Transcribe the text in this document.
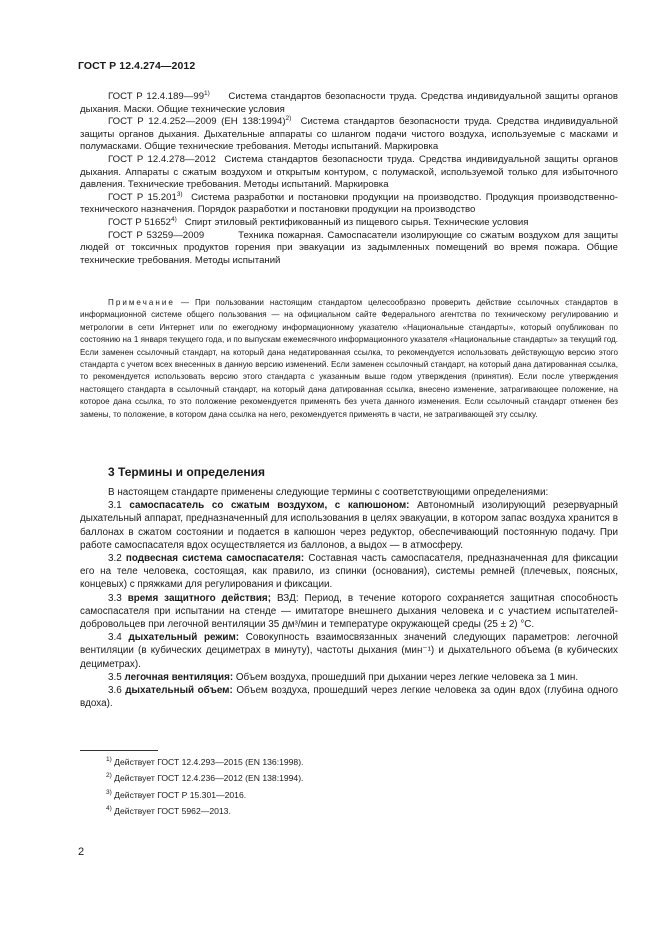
ГОСТ Р 12.4.274—2012

ГОСТ Р 12.4.189—99$^{1)}$ Система стандартов безопасности труда. Средства индивидуальной защиты органов дыхания. Маски. Общие технические условия

ГОСТ Р 12.4.252—2009 (ЕН 138:1994)$^{2)}$ Система стандартов безопасности труда. Средства индивидуальной защиты органов дыхания. Дыхательные аппараты со шлангом подачи чистого воздуха, используемые с масками и полумасками. Общие технические требования. Методы испытаний. Маркировка

ГОСТ Р 12.4.278—2012 Система стандартов безопасности труда. Средства индивидуальной защиты органов дыхания. Аппараты с сжатым воздухом и открытым контуром, с полумаской, используемой только для избыточного давления. Технические требования. Методы испытаний. Маркировка

ГОСТ Р 15.201$^{3)}$ Система разработки и постановки продукции на производство. Продукция производственно-технического назначения. Порядок разработки и постановки продукции на производство

ГОСТ Р 51652$^{4)}$ Спирт этиловый ректификованный из пищевого сырья. Технические условия

ГОСТ Р 53259—2009	Техника пожарная. Самоспасатели изолирующие со сжатым воздухом для защиты людей от токсичных продуктов горения при эвакуации из задымленных помещений во время пожара. Общие технические требования. Методы испытаний

Примечание — При пользовании настоящим стандартом целесообразно проверить действие ссылочных стандартов в информационной системе общего пользования — на официальном сайте Федерального агентства по техническому регулированию и метрологии в сети Интернет или по ежегодному информационному указателю «Национальные стандарты», который опубликован по состоянию на 1 января текущего года, и по выпускам ежемесячного информационного указателя «Национальные стандарты» за текущий год. Если заменен ссылочный стандарт, на который дана недатированная ссылка, то рекомендуется использовать действующую версию этого стандарта с учетом всех внесенных в данную версию изменений. Если заменен ссылочный стандарт, на который дана датированная ссылка, то рекомендуется использовать версию этого стандарта с указанным выше годом утверждения (принятия). Если после утверждения настоящего стандарта в ссылочный стандарт, на который дана датированная ссылка, внесено изменение, затрагивающее положение, на которое дана ссылка, то это положение рекомендуется применять без учета данного изменения. Если ссылочный стандарт отменен без замены, то положение, в котором дана ссылка на него, рекомендуется применять в части, не затрагивающей эту ссылку.

3 Термины и определения

В настоящем стандарте применены следующие термины с соответствующими определениями:

3.1 самоспасатель со сжатым воздухом, с капюшоном: Автономный изолирующий резервуарный дыхательный аппарат, предназначенный для использования в целях эвакуации, в котором запас воздуха хранится в баллонах в сжатом состоянии и подается в капюшон через редуктор, обеспечивающий постоянную подачу. При работе самоспасателя вдох осуществляется из баллонов, а выдох — в атмосферу.

3.2 подвесная система самоспасателя: Составная часть самоспасателя, предназначенная для фиксации его на теле человека, состоящая, как правило, из спинки (основания), системы ремней (плечевых, поясных, концевых) с пряжками для регулирования и фиксации.

3.3 время защитного действия; ВЗД: Период, в течение которого сохраняется защитная способность самоспасателя при испытании на стенде — имитаторе внешнего дыхания человека и с участием испытателей-добровольцев при легочной вентиляции 35 дм³/мин и температуре окружающей среды (25 ± 2) °С.

3.4 дыхательный режим: Совокупность взаимосвязанных значений следующих параметров: легочной вентиляции (в кубических дециметрах в минуту), частоты дыхания (мин⁻¹) и дыхательного объема (в кубических дециметрах).

3.5 легочная вентиляция: Объем воздуха, прошедший при дыхании через легкие человека за 1 мин.

3.6 дыхательный объем: Объем воздуха, прошедший через легкие человека за один вдох (глубина одного вдоха).

$^{1)}$ Действует ГОСТ 12.4.293—2015 (EN 136:1998).

$^{2)}$ Действует ГОСТ 12.4.236—2012 (EN 138:1994).

$^{3)}$ Действует ГОСТ Р 15.301—2016.

$^{4)}$ Действует ГОСТ 5962—2013.

2
